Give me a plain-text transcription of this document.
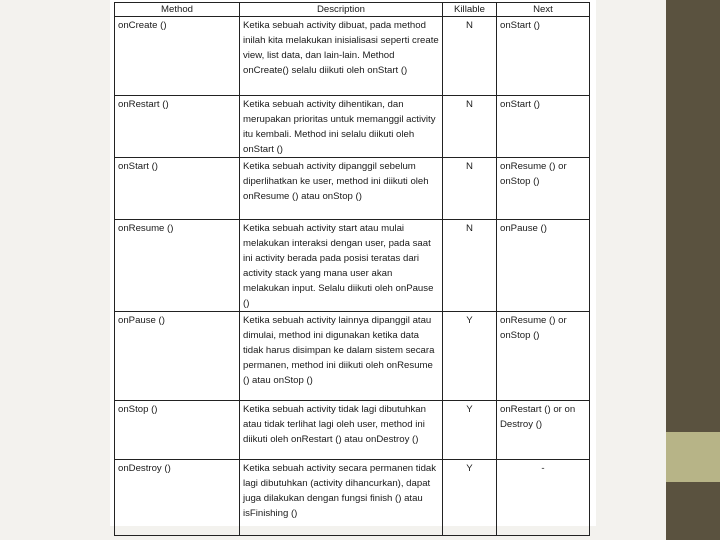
Method	Description	Killable	Next
onCreate ()	Ketika sebuah activity dibuat, pada method inilah kita melakukan inisialisasi seperti create view, list data, dan lain-lain. Method onCreate() selalu diikuti oleh onStart ()	N	onStart ()
onRestart ()	Ketika sebuah activity dihentikan, dan merupakan prioritas untuk memanggil activity itu kembali. Method ini selalu diikuti oleh onStart ()	N	onStart ()
onStart ()	Ketika sebuah activity dipanggil sebelum diperlihatkan ke user, method ini diikuti oleh onResume () atau onStop ()	N	onResume () or onStop ()
onResume ()	Ketika sebuah activity start atau mulai melakukan interaksi dengan user, pada saat ini activity berada pada posisi teratas dari activity stack yang mana user akan melakukan input. Selalu diikuti oleh onPause ()	N	onPause ()
onPause ()	Ketika sebuah activity lainnya dipanggil atau dimulai, method ini digunakan ketika data tidak harus disimpan ke dalam sistem secara permanen, method ini diikuti oleh onResume () atau onStop ()	Y	onResume () or onStop ()
onStop ()	Ketika sebuah activity tidak lagi dibutuhkan atau tidak terlihat lagi oleh user, method ini diikuti oleh onRestart () atau onDestroy ()	Y	onRestart () or on Destroy ()
onDestroy ()	Ketika sebuah activity secara permanen tidak lagi dibutuhkan (activity dihancurkan), dapat juga dilakukan dengan fungsi finish () atau isFinishing ()	Y	-
